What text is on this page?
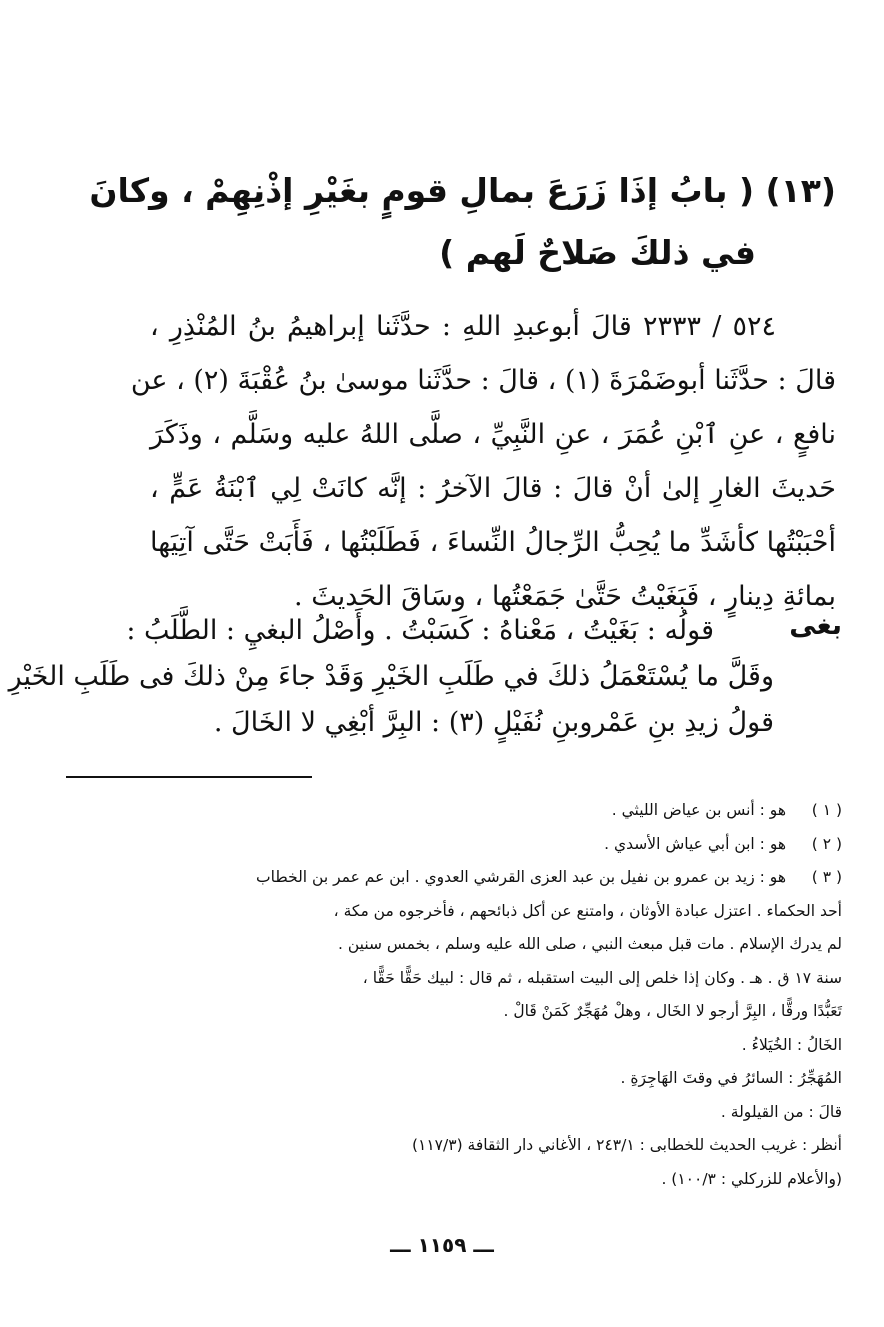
(١٣) ( بابُ إذَا زَرَعَ بمالِ قومٍ بغَيْرِ إذْنِهِمْ ، وكانَ
في ذلكَ صَلاحٌ لَهم )
٥٢٤ / ٢٣٣٣ قالَ أبوعبدِ اللهِ : حدَّثَنا إبراهيمُ بنُ المُنْذِرِ ،
قالَ : حدَّثَنا أبوضَمْرَةَ (١) ، قالَ : حدَّثَنا موسىٰ بنُ عُقْبَةَ (٢) ، عن
نافعٍ ، عنِ ٱبْنِ عُمَرَ ، عنِ النَّبِيِّ ، صلَّى اللهُ عليه وسَلَّم ، وذَكَرَ
حَديثَ الغارِ إلىٰ أنْ قالَ : قالَ الآخرُ : إنَّه كانَتْ لِي ٱبْنَةُ عَمٍّ ،
أحْبَبْتُها كأشَدِّ ما يُحِبُّ الرِّجالُ النِّساءَ ، فَطَلَبْتُها ، فَأَبَتْ حَتَّى آتِيَها
بمائةِ دِينارٍ ، فَبَغَيْتُ حَتَّىٰ جَمَعْتُها ، وسَاقَ الحَديثَ .
بغى
قولُه : بَغَيْتُ ، مَعْناهُ : كَسَبْتُ . وأَصْلُ البغيِ : الطَّلَبُ :
وقَلَّ ما يُسْتَعْمَلُ ذلكَ في طَلَبِ الخَيْرِ وَقَدْ جاءَ مِنْ ذلكَ فى طَلَبِ الخَيْرِ
قولُ زيدِ بنِ عَمْروبنِ نُفَيْلٍ (٣) : البِرَّ أبْغِي لا الخَالَ .
( ١ )
هو : أنس بن عياض الليثي .
( ٢ )
هو : ابن أبي عياش الأسدي .
( ٣ )
هو : زيد بن عمرو بن نفيل بن عبد العزى القرشي العدوي . ابن عم عمر بن الخطاب
أحد الحكماء . اعتزل عبادة الأوثان ، وامتنع عن أكل ذبائحهم ، فأخرجوه من مكة ،
لم يدرك الإسلام . مات قبل مبعث النبي ، صلى الله عليه وسلم ، بخمس سنين .
سنة ١٧ ق . هـ . وكان إذا خلص إلى البيت استقبله ، ثم قال : لبيك حَقًّا حَقًّا ،
تَعَبُّدًا ورقًّا ، البِرَّ أرجو لا الخَال ، وهلْ مُهَجِّرٌ كَمَنْ قَالْ .
الخَالُ : الخُيَلاءُ .
المُهَجِّرُ : السائرُ في وقتَ الهَاجِرَةِ .
قالَ : من القيلولة .
أنظر : غريب الحديث للخطابى : ٢٤٣/١ ، الأغاني دار الثقافة (١١٧/٣)
(والأعلام للزركلي : ١٠٠/٣) .
ـــ ١١٥٩ ـــ
